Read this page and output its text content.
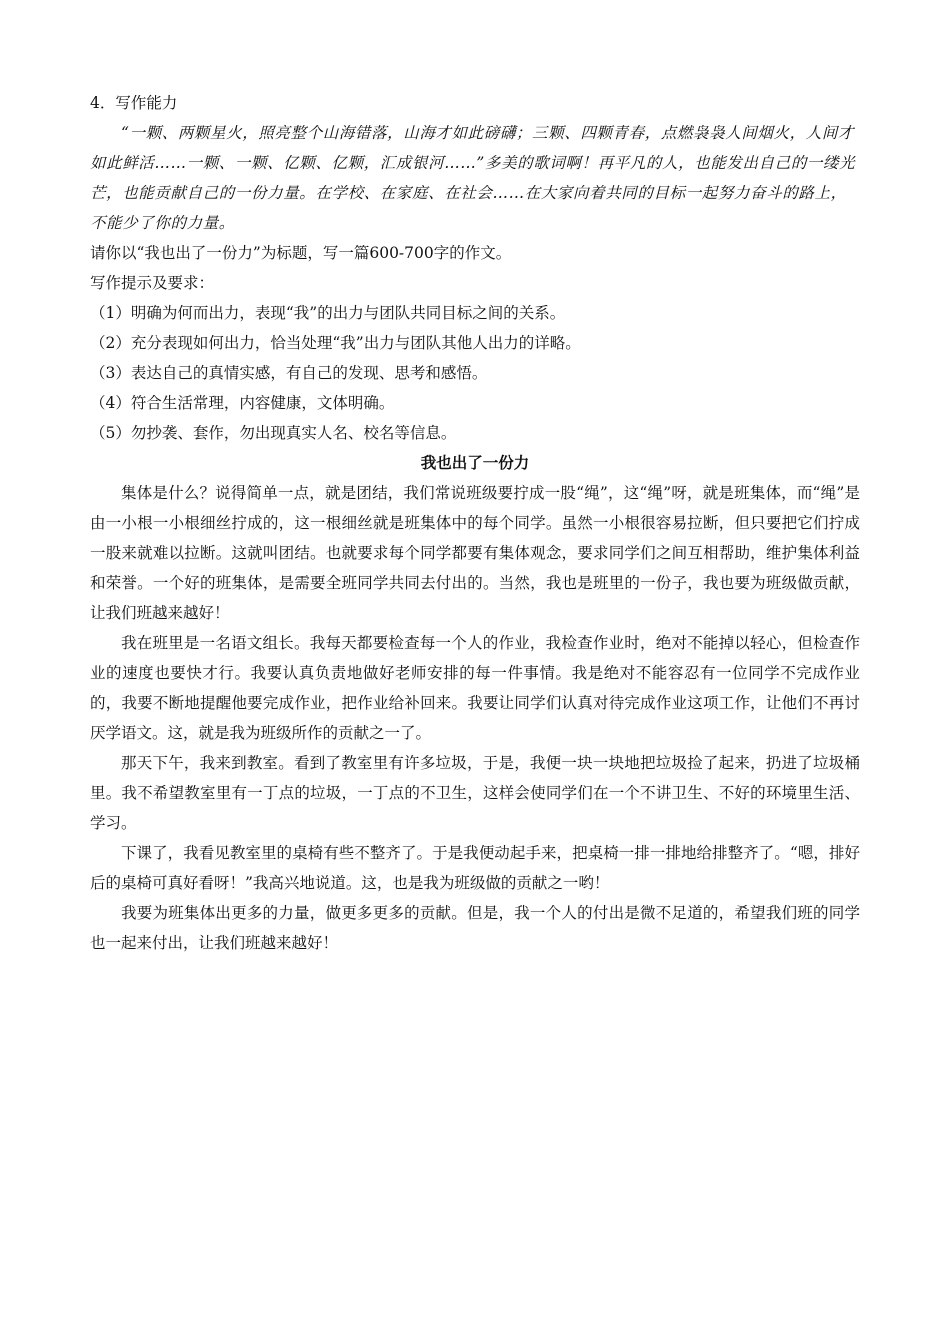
4．写作能力

“一颗、两颗星火，照亮整个山海错落，山海才如此磅礴；三颗、四颗青春，点燃袅袅人间烟火，人间才如此鲜活……一颗、一颗、亿颗、亿颗，汇成银河……”多美的歌词啊！再平凡的人，也能发出自己的一缕光芒，也能贡献自己的一份力量。在学校、在家庭、在社会……在大家向着共同的目标一起努力奋斗的路上，不能少了你的力量。

请你以“我也出了一份力”为标题，写一篇600-700字的作文。

写作提示及要求：

（1）明确为何而出力，表现“我”的出力与团队共同目标之间的关系。

（2）充分表现如何出力，恰当处理“我”出力与团队其他人出力的详略。

（3）表达自己的真情实感，有自己的发现、思考和感悟。

（4）符合生活常理，内容健康，文体明确。

（5）勿抄袭、套作，勿出现真实人名、校名等信息。

我也出了一份力

集体是什么？说得简单一点，就是团结，我们常说班级要拧成一股“绳”，这“绳”呀，就是班集体，而“绳”是由一小根一小根细丝拧成的，这一根细丝就是班集体中的每个同学。虽然一小根很容易拉断，但只要把它们拧成一股来就难以拉断。这就叫团结。也就要求每个同学都要有集体观念，要求同学们之间互相帮助，维护集体利益和荣誉。一个好的班集体，是需要全班同学共同去付出的。当然，我也是班里的一份子，我也要为班级做贡献，让我们班越来越好！

我在班里是一名语文组长。我每天都要检查每一个人的作业，我检查作业时，绝对不能掉以轻心，但检查作业的速度也要快才行。我要认真负责地做好老师安排的每一件事情。我是绝对不能容忍有一位同学不完成作业的，我要不断地提醒他要完成作业，把作业给补回来。我要让同学们认真对待完成作业这项工作，让他们不再讨厌学语文。这，就是我为班级所作的贡献之一了。

那天下午，我来到教室。看到了教室里有许多垃圾，于是，我便一块一块地把垃圾捡了起来，扔进了垃圾桶里。我不希望教室里有一丁点的垃圾，一丁点的不卫生，这样会使同学们在一个不讲卫生、不好的环境里生活、学习。

下课了，我看见教室里的桌椅有些不整齐了。于是我便动起手来，把桌椅一排一排地给排整齐了。“嗯，排好后的桌椅可真好看呀！”我高兴地说道。这，也是我为班级做的贡献之一哟！

我要为班集体出更多的力量，做更多更多的贡献。但是，我一个人的付出是微不足道的，希望我们班的同学也一起来付出，让我们班越来越好！
